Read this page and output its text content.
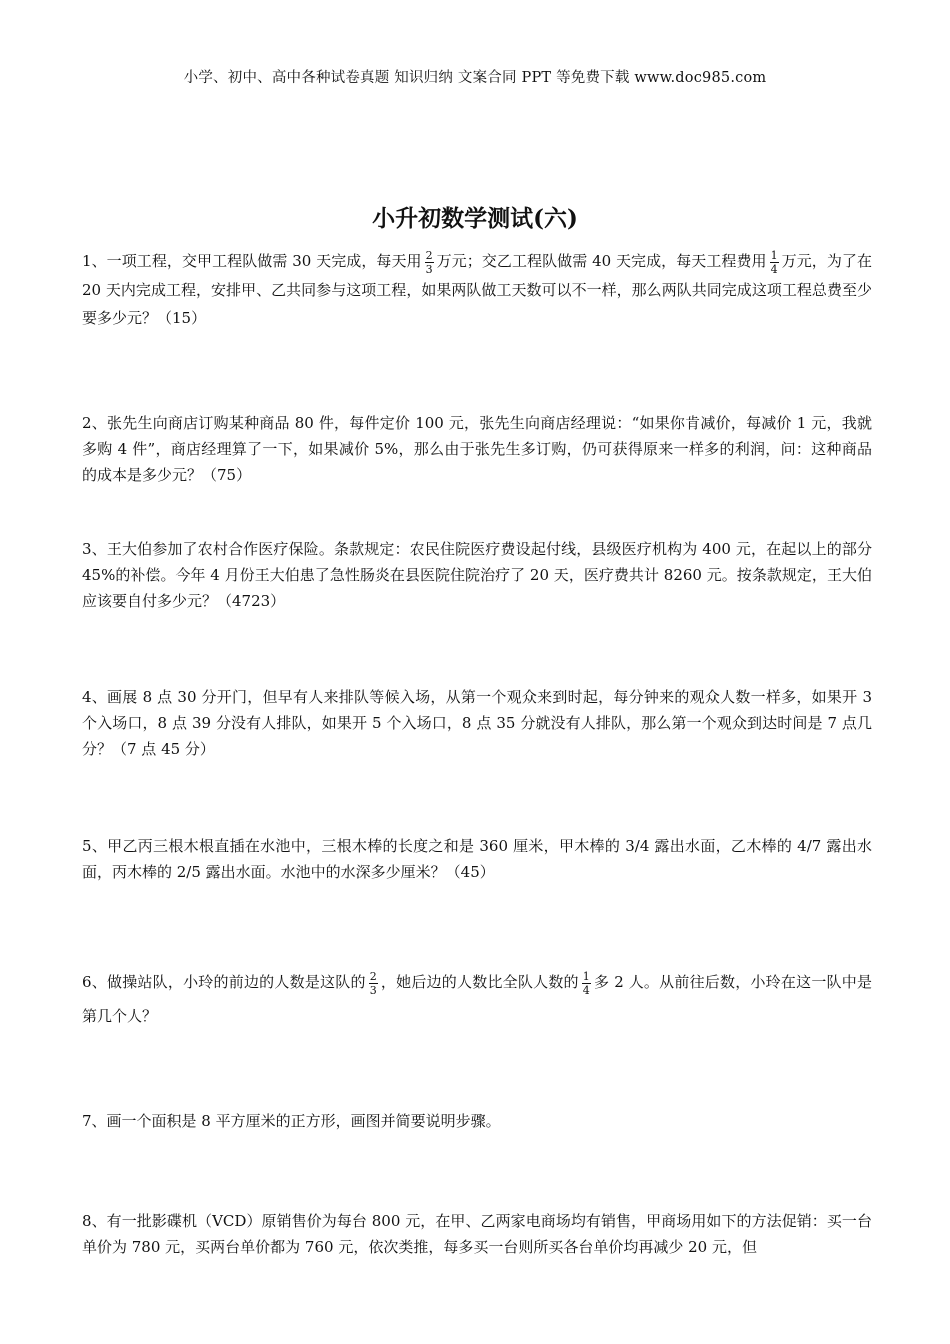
小学、初中、高中各种试卷真题 知识归纳 文案合同 PPT 等免费下载 www.doc985.com
小升初数学测试(六)
1、一项工程，交甲工程队做需 30 天完成，每天用 $\frac{2}{3}$ 万元；交乙工程队做需 40 天完成，每天工程费用 $\frac{1}{4}$ 万元，为了在 20 天内完成工程，安排甲、乙共同参与这项工程，如果两队做工天数可以不一样，那么两队共同完成这项工程总费至少要多少元？（15）
2、张先生向商店订购某种商品 80 件，每件定价 100 元，张先生向商店经理说：“如果你肯减价，每减价 1 元，我就多购 4 件”，商店经理算了一下，如果减价 5%，那么由于张先生多订购，仍可获得原来一样多的利润，问：这种商品的成本是多少元？（75）
3、王大伯参加了农村合作医疗保险。条款规定：农民住院医疗费设起付线，县级医疗机构为 400 元，在起以上的部分 45%的补偿。今年 4 月份王大伯患了急性肠炎在县医院住院治疗了 20 天，医疗费共计 8260 元。按条款规定，王大伯应该要自付多少元？（4723）
4、画展 8 点 30 分开门，但早有人来排队等候入场，从第一个观众来到时起，每分钟来的观众人数一样多，如果开 3 个入场口，8 点 39 分没有人排队，如果开 5 个入场口，8 点 35 分就没有人排队，那么第一个观众到达时间是 7 点几分？（7 点 45 分）
5、甲乙丙三根木根直插在水池中，三根木棒的长度之和是 360 厘米，甲木棒的 3/4 露出水面，乙木棒的 4/7 露出水面，丙木棒的 2/5 露出水面。水池中的水深多少厘米？（45）
6、做操站队，小玲的前边的人数是这队的 $\frac{2}{3}$ ，她后边的人数比全队人数的 $\frac{1}{4}$ 多 2 人。从前往后数，小玲在这一队中是第几个人？
7、画一个面积是 8 平方厘米的正方形，画图并简要说明步骤。
8、有一批影碟机（VCD）原销售价为每台 800 元，在甲、乙两家电商场均有销售，甲商场用如下的方法促销：买一台单价为 780 元，买两台单价都为 760 元，依次类推，每多买一台则所买各台单价均再减少 20 元，但
